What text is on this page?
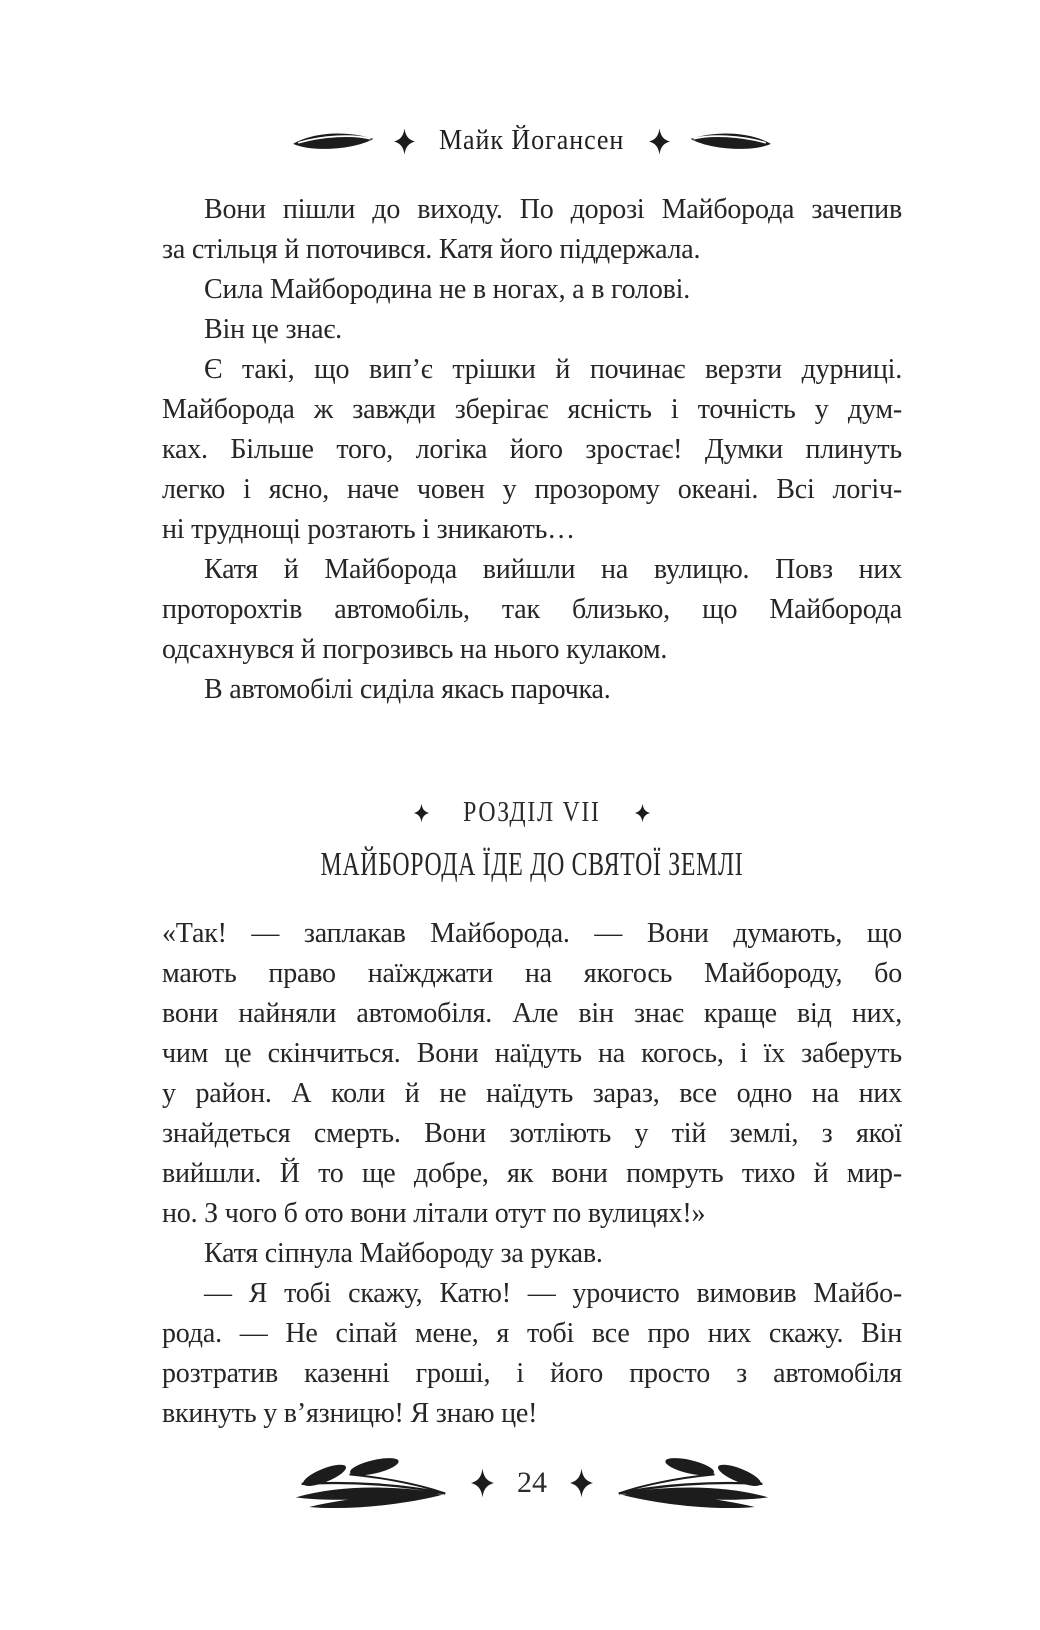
Майк Йогансен
Вони пішли до виходу. По дорозі Майборода зачепив
за стільця й поточився. Катя його піддержала.
Сила Майбородина не в ногах, а в голові.
Він це знає.
Є такі, що випʼє трішки й починає верзти дурниці.
Майборода ж завжди зберігає ясність і точність у дум-
ках. Більше того, логіка його зростає! Думки плинуть
легко і ясно, наче човен у прозорому океані. Всі логіч-
ні труднощі розтають і зникають…
Катя й Майборода вийшли на вулицю. Повз них
проторохтів автомобіль, так близько, що Майборода
одсахнувся й погрозивсь на нього кулаком.
В автомобілі сиділа якась парочка.
РОЗДІЛ VII
МАЙБОРОДА ЇДЕ ДО СВЯТОЇ ЗЕМЛІ
«Так! — заплакав Майборода. — Вони думають, що
мають право наїжджати на якогось Майбороду, бо
вони найняли автомобіля. Але він знає краще від них,
чим це скінчиться. Вони наїдуть на когось, і їх заберуть
у район. А коли й не наїдуть зараз, все одно на них
знайдеться смерть. Вони зотліють у тій землі, з якої
вийшли. Й то ще добре, як вони помруть тихо й мир-
но. З чого б ото вони літали отут по вулицях!»
Катя сіпнула Майбороду за рукав.
— Я тобі скажу, Катю! — урочисто вимовив Майбо-
рода. — Не сіпай мене, я тобі все про них скажу. Він
розтратив казенні гроші, і його просто з автомобіля
вкинуть у вʼязницю! Я знаю це!
24
